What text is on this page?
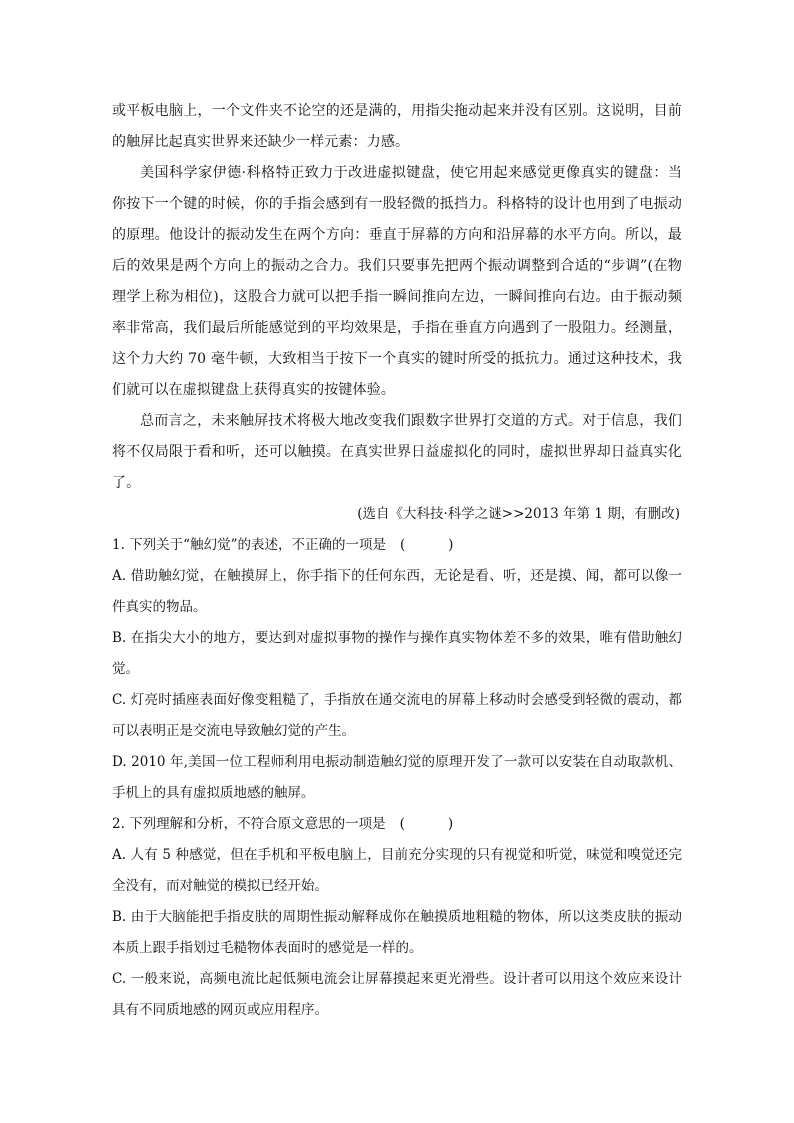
或平板电脑上，一个文件夹不论空的还是满的，用指尖拖动起来并没有区别。这说明，目前的触屏比起真实世界来还缺少一样元素：力感。

美国科学家伊德·科格特正致力于改进虚拟键盘，使它用起来感觉更像真实的键盘：当你按下一个键的时候，你的手指会感到有一股轻微的抵挡力。科格特的设计也用到了电振动的原理。他设计的振动发生在两个方向：垂直于屏幕的方向和沿屏幕的水平方向。所以，最后的效果是两个方向上的振动之合力。我们只要事先把两个振动调整到合适的“步调”(在物理学上称为相位)，这股合力就可以把手指一瞬间推向左边，一瞬间推向右边。由于振动频率非常高，我们最后所能感觉到的平均效果是，手指在垂直方向遇到了一股阻力。经测量，这个力大约 70 毫牛顿，大致相当于按下一个真实的键时所受的抵抗力。通过这种技术，我们就可以在虚拟键盘上获得真实的按键体验。

总而言之，未来触屏技术将极大地改变我们跟数字世界打交道的方式。对于信息，我们将不仅局限于看和听，还可以触摸。在真实世界日益虚拟化的同时，虚拟世界却日益真实化了。

(选自《大科技·科学之谜>>2013 年第 1 期，有删改)

1. 下列关于“触幻觉”的表述，不正确的一项是 (          )

A. 借助触幻觉，在触摸屏上，你手指下的任何东西，无论是看、听，还是摸、闻，都可以像一件真实的物品。

B. 在指尖大小的地方，要达到对虚拟事物的操作与操作真实物体差不多的效果，唯有借助触幻觉。

C. 灯亮时插座表面好像变粗糙了，手指放在通交流电的屏幕上移动时会感受到轻微的震动，都可以表明正是交流电导致触幻觉的产生。

D. 2010 年,美国一位工程师利用电振动制造触幻觉的原理开发了一款可以安装在自动取款机、手机上的具有虚拟质地感的触屏。

2. 下列理解和分析，不符合原文意思的一项是 (          )

A. 人有 5 种感觉，但在手机和平板电脑上，目前充分实现的只有视觉和听觉，味觉和嗅觉还完全没有，而对触觉的模拟已经开始。

B. 由于大脑能把手指皮肤的周期性振动解释成你在触摸质地粗糙的物体，所以这类皮肤的振动本质上跟手指划过毛糙物体表面时的感觉是一样的。

C. 一般来说，高频电流比起低频电流会让屏幕摸起来更光滑些。设计者可以用这个效应来设计具有不同质地感的网页或应用程序。
